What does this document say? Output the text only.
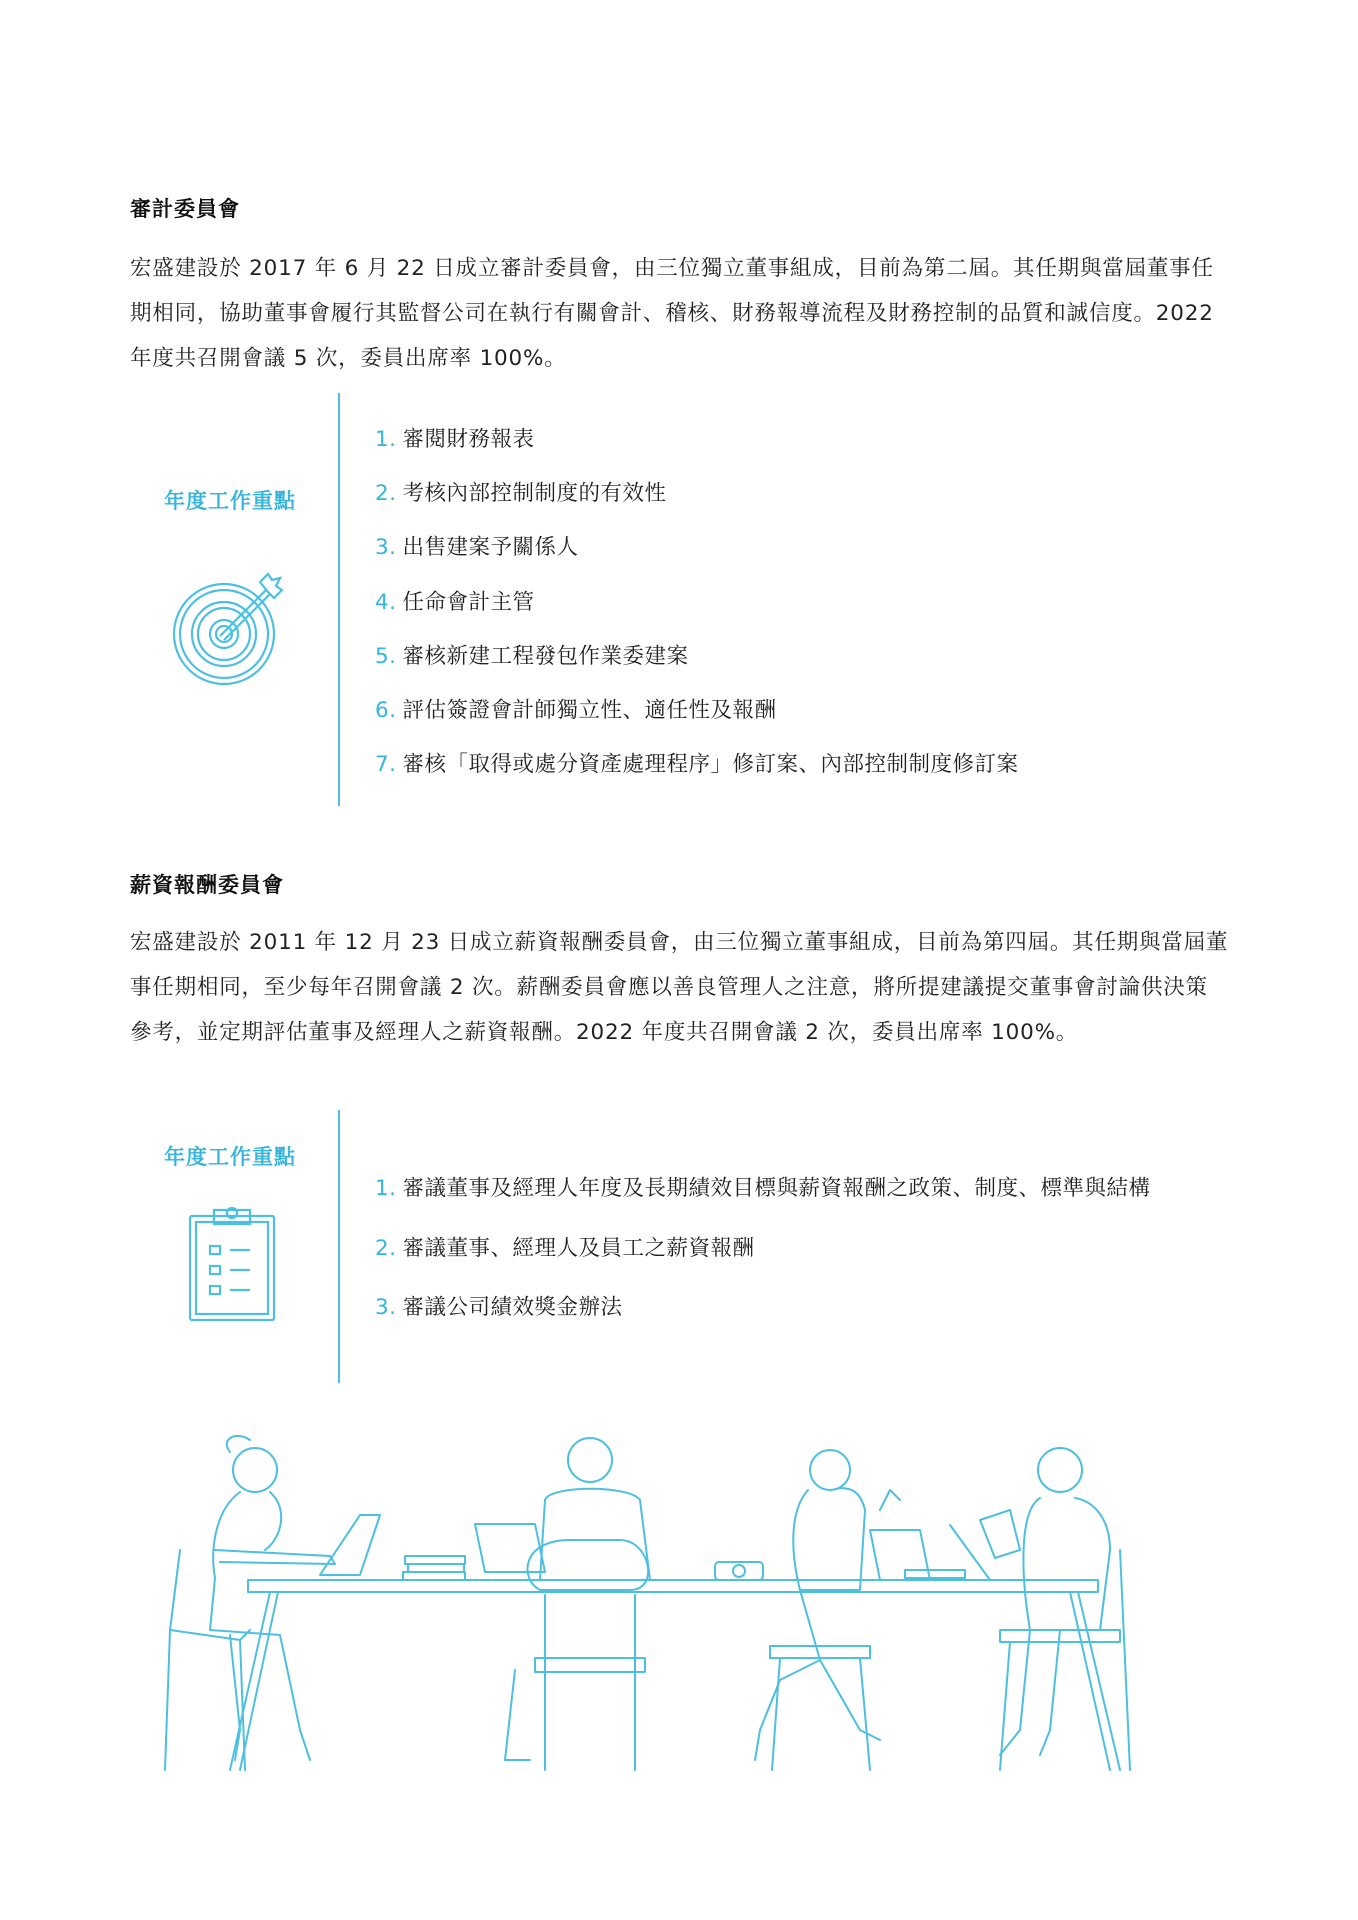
審計委員會

宏盛建設於 2017 年 6 月 22 日成立審計委員會，由三位獨立董事組成，目前為第二屆。其任期與當屆董事任期相同，協助董事會履行其監督公司在執行有關會計、稽核、財務報導流程及財務控制的品質和誠信度。2022 年度共召開會議 5 次，委員出席率 100%。

年度工作重點
1. 審閱財務報表
2. 考核內部控制制度的有效性
3. 出售建案予關係人
4. 任命會計主管
5. 審核新建工程發包作業委建案
6. 評估簽證會計師獨立性、適任性及報酬
7. 審核「取得或處分資產處理程序」修訂案、內部控制制度修訂案
薪資報酬委員會

宏盛建設於 2011 年 12 月 23 日成立薪資報酬委員會，由三位獨立董事組成，目前為第四屆。其任期與當屆董事任期相同，至少每年召開會議 2 次。薪酬委員會應以善良管理人之注意，將所提建議提交董事會討論供決策參考，並定期評估董事及經理人之薪資報酬。2022 年度共召開會議 2 次，委員出席率 100%。

年度工作重點
1. 審議董事及經理人年度及長期績效目標與薪資報酬之政策、制度、標準與結構
2. 審議董事、經理人及員工之薪資報酬
3. 審議公司績效獎金辦法
